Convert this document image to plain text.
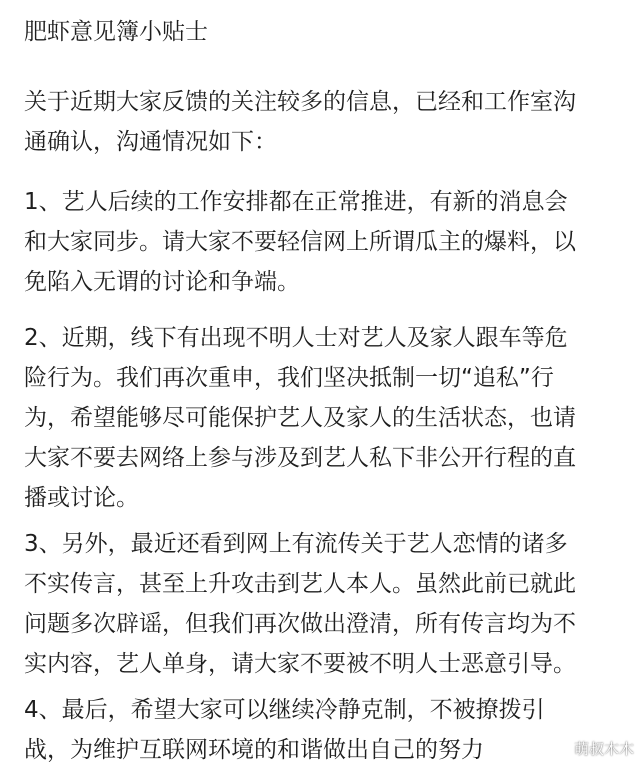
肥虾意见簿小贴士
关于近期大家反馈的关注较多的信息，已经和工作室沟
通确认，沟通情况如下：
1、艺人后续的工作安排都在正常推进，有新的消息会
和大家同步。请大家不要轻信网上所谓瓜主的爆料，以
免陷入无谓的讨论和争端。
2、近期，线下有出现不明人士对艺人及家人跟车等危
险行为。我们再次重申，我们坚决抵制一切“追私”行
为，希望能够尽可能保护艺人及家人的生活状态，也请
大家不要去网络上参与涉及到艺人私下非公开行程的直
播或讨论。
3、另外，最近还看到网上有流传关于艺人恋情的诸多
不实传言，甚至上升攻击到艺人本人。虽然此前已就此
问题多次辟谣，但我们再次做出澄清，所有传言均为不
实内容，艺人单身，请大家不要被不明人士恶意引导。
4、最后，希望大家可以继续冷静克制，不被撩拨引
战，为维护互联网环境的和谐做出自己的努力	萌叔木木
